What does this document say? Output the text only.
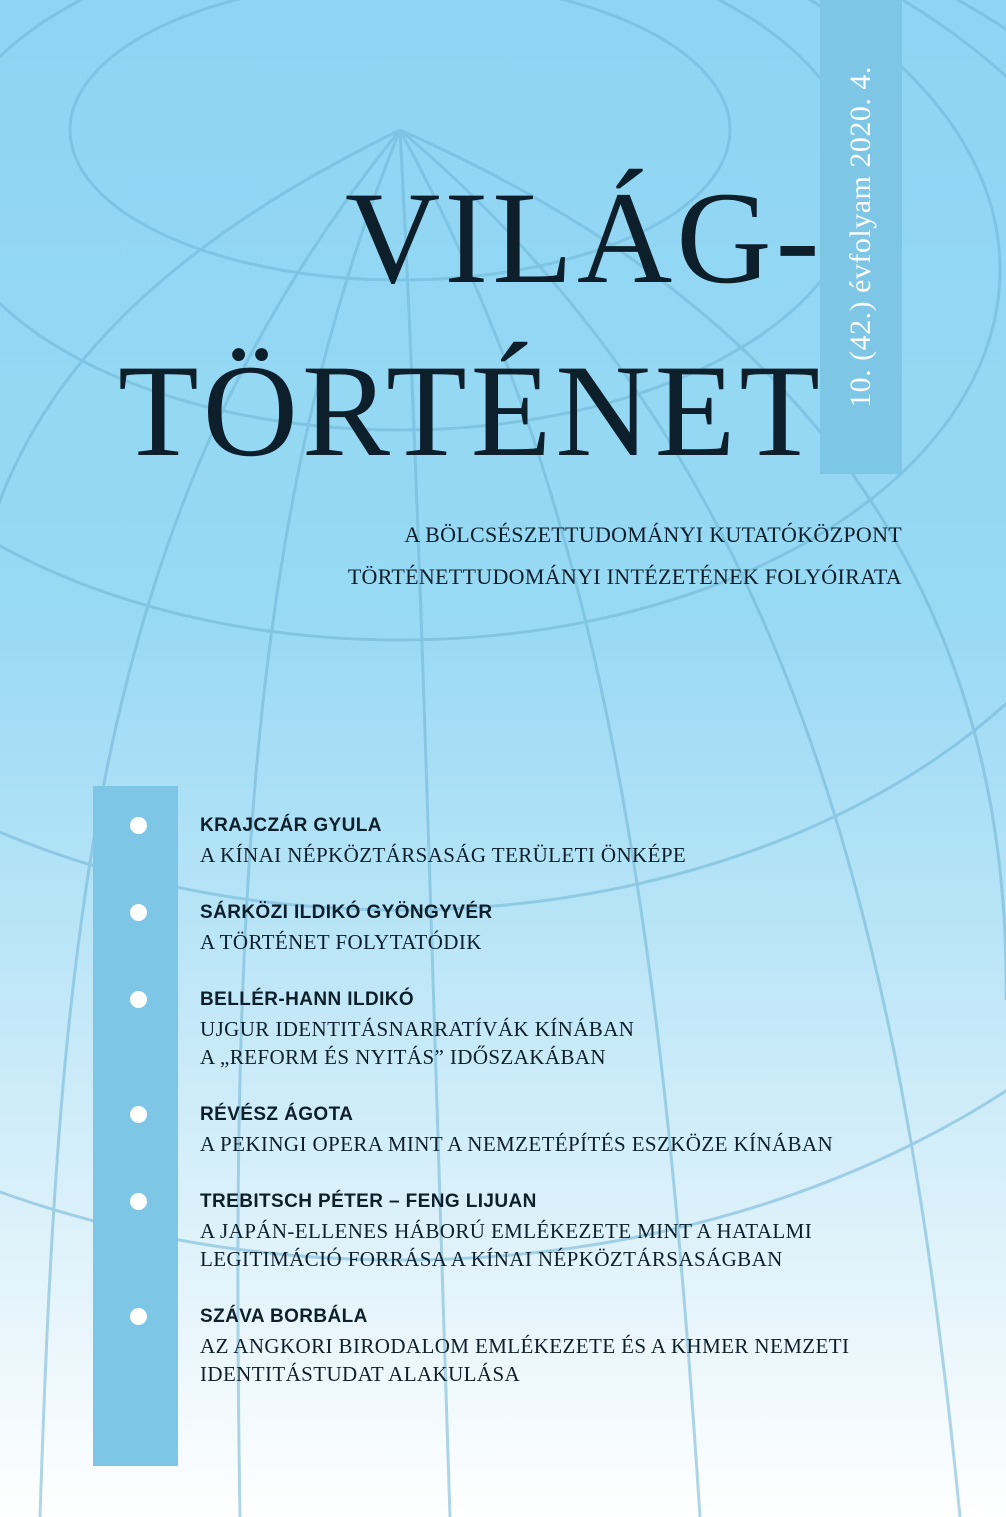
10. (42.) évfolyam 2020. 4.
VILÁG-
TÖRTÉNET
A BÖLCSÉSZETTUDOMÁNYI KUTATÓKÖZPONT
TÖRTÉNETTUDOMÁNYI INTÉZETÉNEK FOLYÓIRATA
KRAJCZÁR GYULA
A KÍNAI NÉPKÖZTÁRSASÁG TERÜLETI ÖNKÉPE
SÁRKÖZI ILDIKÓ GYÖNGYVÉR
A TÖRTÉNET FOLYTATÓDIK
BELLÉR-HANN ILDIKÓ
UJGUR IDENTITÁSNARRATÍVÁK KÍNÁBAN
A „REFORM ÉS NYITÁS” IDŐSZAKÁBAN
RÉVÉSZ ÁGOTA
A PEKINGI OPERA MINT A NEMZETÉPÍTÉS ESZKÖZE KÍNÁBAN
TREBITSCH PÉTER – FENG LIJUAN
A JAPÁN-ELLENES HÁBORÚ EMLÉKEZETE MINT A HATALMI
LEGITIMÁCIÓ FORRÁSA A KÍNAI NÉPKÖZTÁRSASÁGBAN
SZÁVA BORBÁLA
AZ ANGKORI BIRODALOM EMLÉKEZETE ÉS A KHMER NEMZETI
IDENTITÁSTUDAT ALAKULÁSA
